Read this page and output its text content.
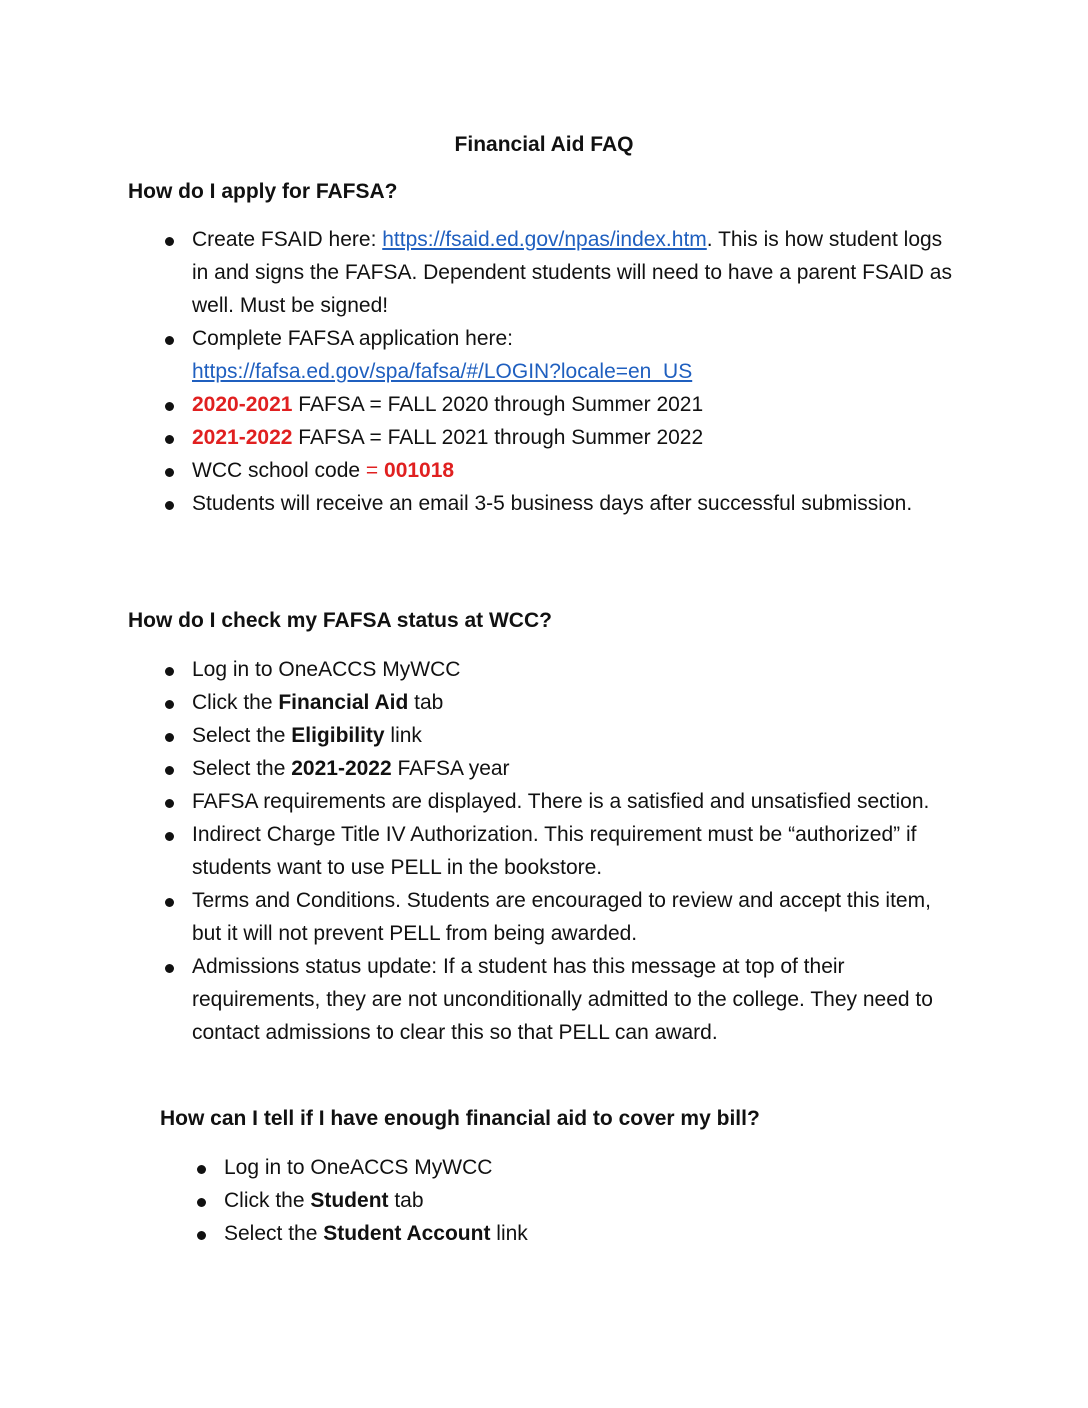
Financial Aid FAQ
How do I apply for FAFSA?
Create FSAID here: https://fsaid.ed.gov/npas/index.htm. This is how student logs in and signs the FAFSA. Dependent students will need to have a parent FSAID as well. Must be signed!
Complete FAFSA application here:
https://fafsa.ed.gov/spa/fafsa/#/LOGIN?locale=en_US
2020-2021 FAFSA = FALL 2020 through Summer 2021
2021-2022 FAFSA = FALL 2021 through Summer 2022
WCC school code = 001018
Students will receive an email 3-5 business days after successful submission.
How do I check my FAFSA status at WCC?
Log in to OneACCS MyWCC
Click the Financial Aid tab
Select the Eligibility link
Select the 2021-2022 FAFSA year
FAFSA requirements are displayed. There is a satisfied and unsatisfied section.
Indirect Charge Title IV Authorization. This requirement must be “authorized” if students want to use PELL in the bookstore.
Terms and Conditions. Students are encouraged to review and accept this item, but it will not prevent PELL from being awarded.
Admissions status update: If a student has this message at top of their requirements, they are not unconditionally admitted to the college. They need to contact admissions to clear this so that PELL can award.
How can I tell if I have enough financial aid to cover my bill?
Log in to OneACCS MyWCC
Click the Student tab
Select the Student Account link
